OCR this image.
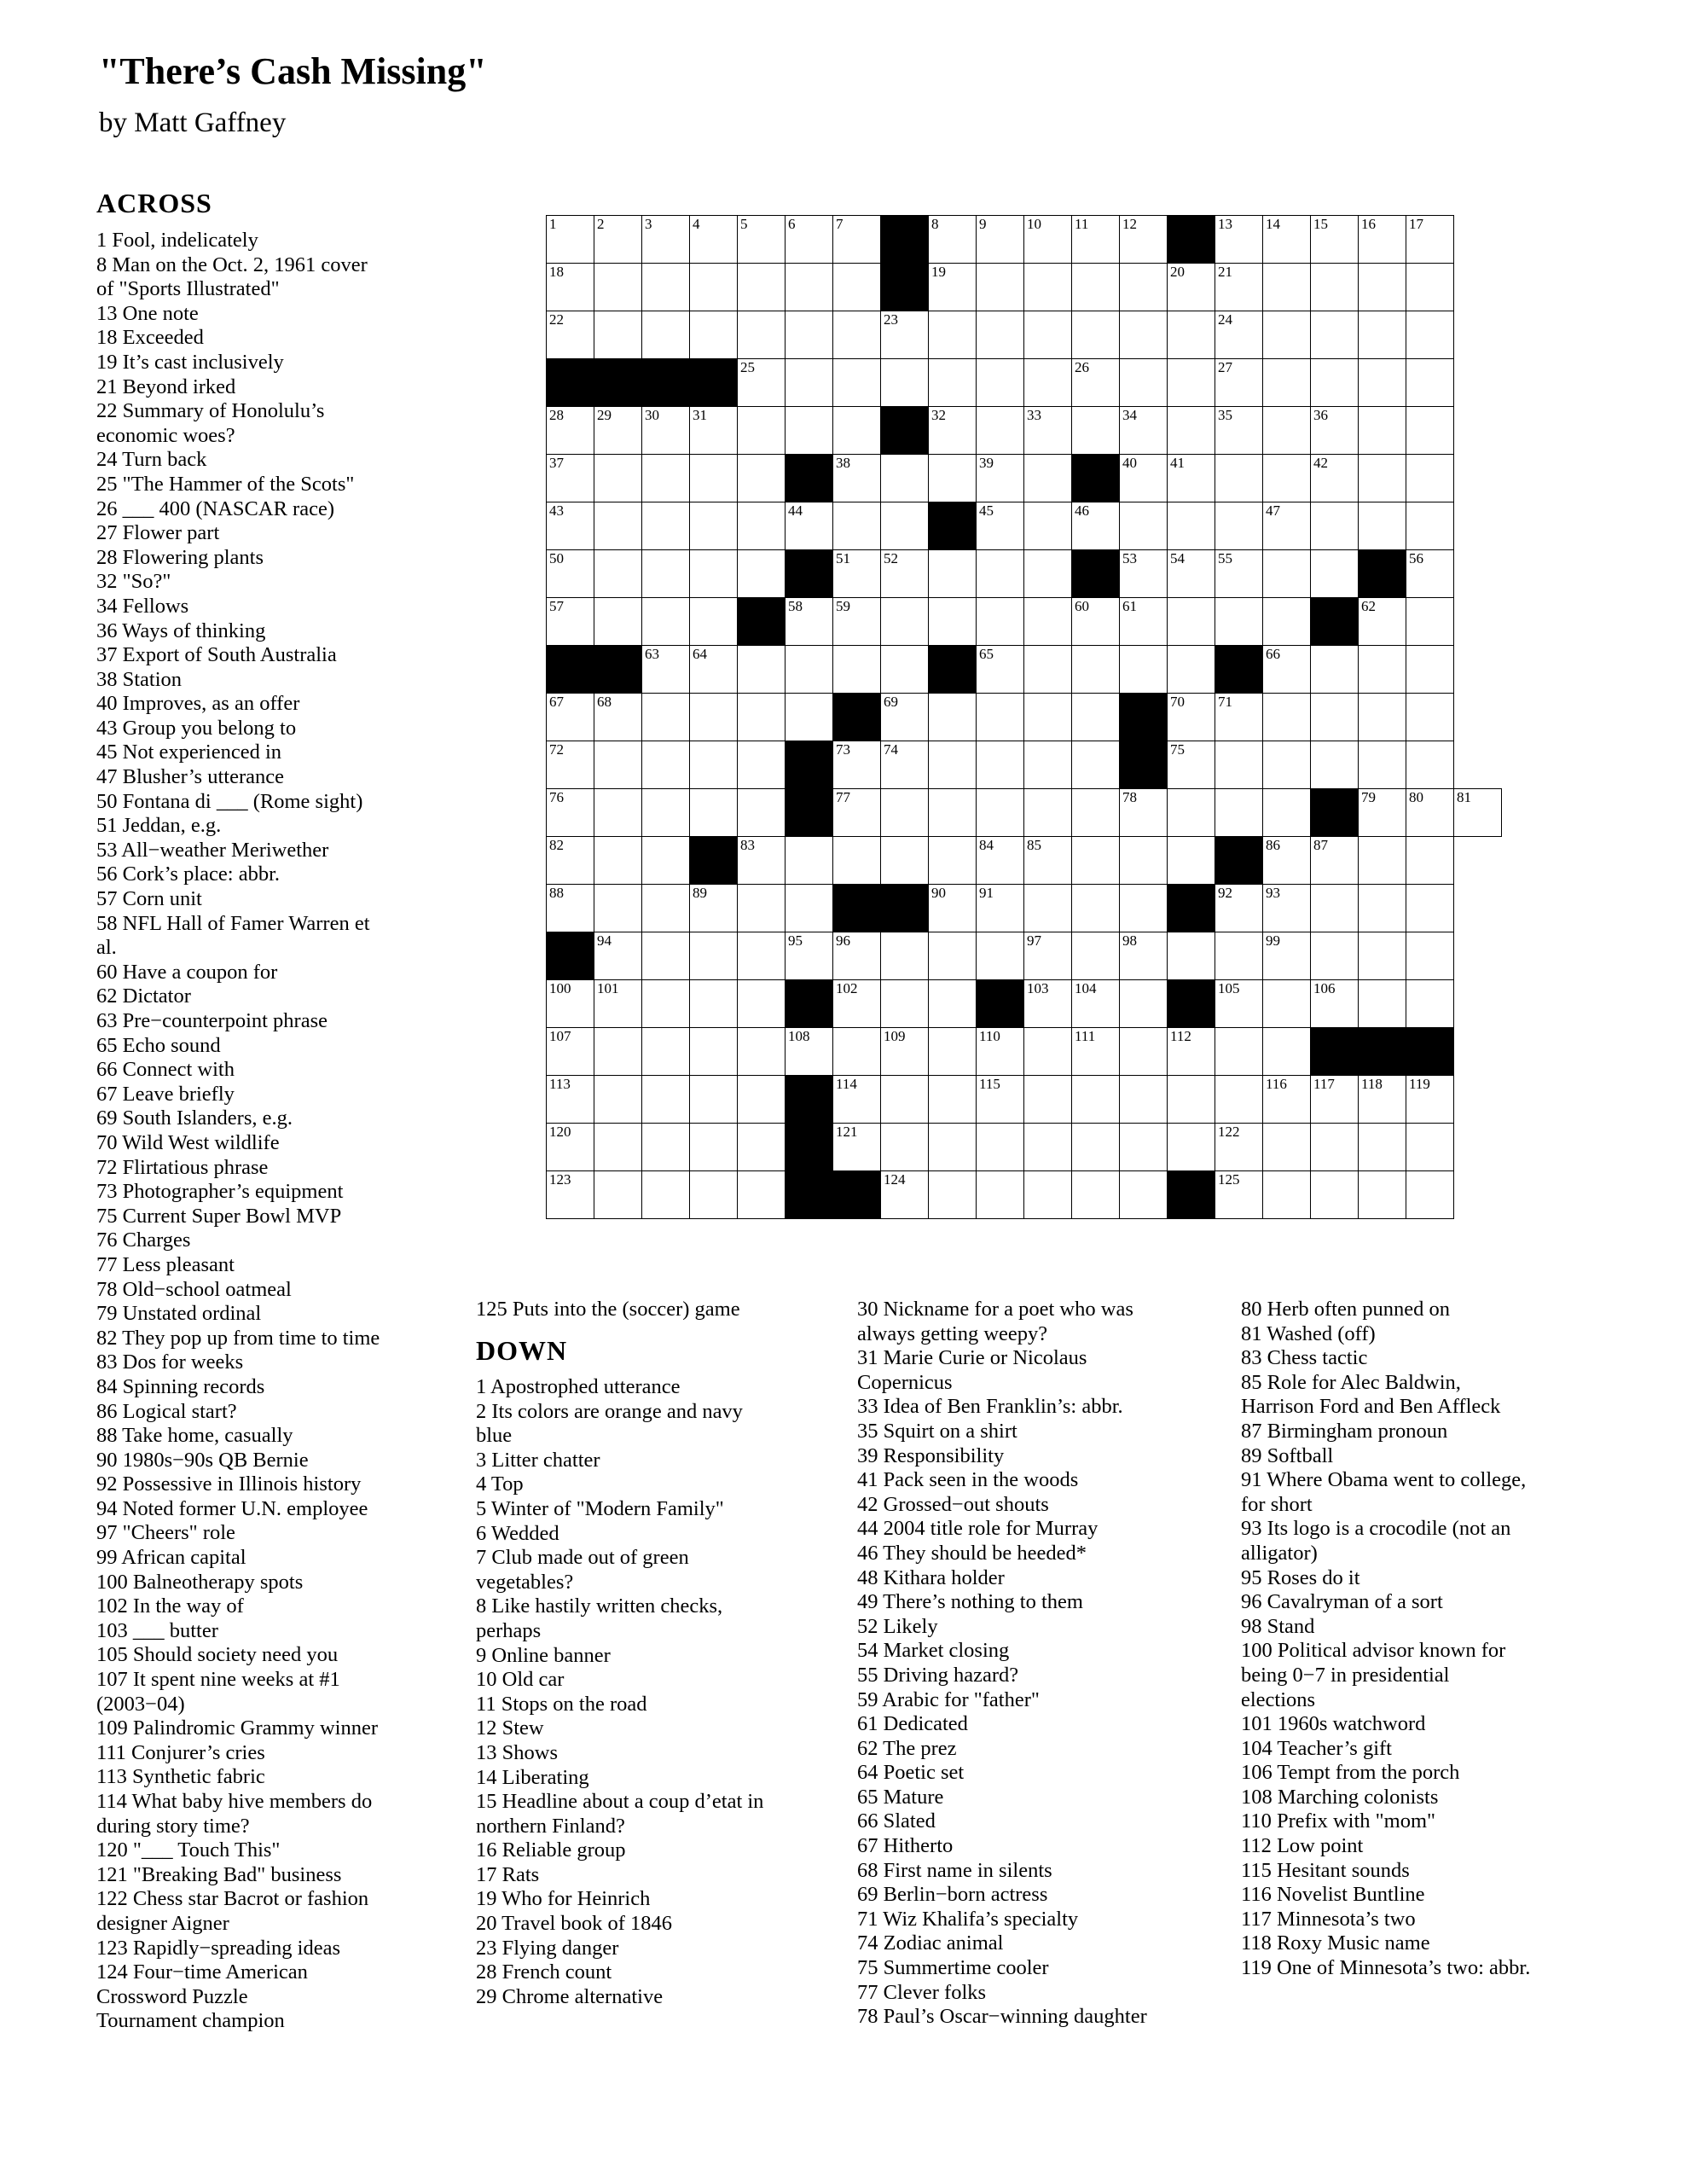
"There’s Cash Missing"
by Matt Gaffney
ACROSS
DOWN
1 Fool, indelicately
8 Man on the Oct. 2, 1961 cover
of "Sports Illustrated"
13 One note
18 Exceeded
19 It’s cast inclusively
21 Beyond irked
22 Summary of Honolulu’s
economic woes?
24 Turn back
25 "The Hammer of the Scots"
26 ___ 400 (NASCAR race)
27 Flower part
28 Flowering plants
32 "So?"
34 Fellows
36 Ways of thinking
37 Export of South Australia
38 Station
40 Improves, as an offer
43 Group you belong to
45 Not experienced in
47 Blusher’s utterance
50 Fontana di ___ (Rome sight)
51 Jeddan, e.g.
53 All−weather Meriwether
56 Cork’s place: abbr.
57 Corn unit
58 NFL Hall of Famer Warren et
al.
60 Have a coupon for
62 Dictator
63 Pre−counterpoint phrase
65 Echo sound
66 Connect with
67 Leave briefly
69 South Islanders, e.g.
70 Wild West wildlife
72 Flirtatious phrase
73 Photographer’s equipment
75 Current Super Bowl MVP
76 Charges
77 Less pleasant
78 Old−school oatmeal
79 Unstated ordinal
82 They pop up from time to time
83 Dos for weeks
84 Spinning records
86 Logical start?
88 Take home, casually
90 1980s−90s QB Bernie
92 Possessive in Illinois history
94 Noted former U.N. employee
97 "Cheers" role
99 African capital
100 Balneotherapy spots
102 In the way of
103 ___ butter
105 Should society need you
107 It spent nine weeks at #1
(2003−04)
109 Palindromic Grammy winner
111 Conjurer’s cries
113 Synthetic fabric
114 What baby hive members do
during story time?
120 "___ Touch This"
121 "Breaking Bad" business
122 Chess star Bacrot or fashion
designer Aigner
123 Rapidly−spreading ideas
124 Four−time American
Crossword Puzzle
Tournament champion
125 Puts into the (soccer) game
1 Apostrophed utterance
2 Its colors are orange and navy
blue
3 Litter chatter
4 Top
5 Winter of "Modern Family"
6 Wedded
7 Club made out of green
vegetables?
8 Like hastily written checks,
perhaps
9 Online banner
10 Old car
11 Stops on the road
12 Stew
13 Shows
14 Liberating
15 Headline about a coup d’etat in
northern Finland?
16 Reliable group
17 Rats
19 Who for Heinrich
20 Travel book of 1846
23 Flying danger
28 French count
29 Chrome alternative
30 Nickname for a poet who was
always getting weepy?
31 Marie Curie or Nicolaus
Copernicus
33 Idea of Ben Franklin’s: abbr.
35 Squirt on a shirt
39 Responsibility
41 Pack seen in the woods
42 Grossed−out shouts
44 2004 title role for Murray
46 They should be heeded*
48 Kithara holder
49 There’s nothing to them
52 Likely
54 Market closing
55 Driving hazard?
59 Arabic for "father"
61 Dedicated
62 The prez
64 Poetic set
65 Mature
66 Slated
67 Hitherto
68 First name in silents
69 Berlin−born actress
71 Wiz Khalifa’s specialty
74 Zodiac animal
75 Summertime cooler
77 Clever folks
78 Paul’s Oscar−winning daughter
80 Herb often punned on
81 Washed (off)
83 Chess tactic
85 Role for Alec Baldwin,
Harrison Ford and Ben Affleck
87 Birmingham pronoun
89 Softball
91 Where Obama went to college,
for short
93 Its logo is a crocodile (not an
alligator)
95 Roses do it
96 Cavalryman of a sort
98 Stand
100 Political advisor known for
being 0−7 in presidential
elections
101 1960s watchword
104 Teacher’s gift
106 Tempt from the porch
108 Marching colonists
110 Prefix with "mom"
112 Low point
115 Hesitant sounds
116 Novelist Buntline
117 Minnesota’s two
118 Roxy Music name
119 One of Minnesota’s two: abbr.
1	2	3	4	5	6	7		8	9	10	11	12		13	14	15	16	17	

18								19					20	21					

22							23							24					

				25							26			27					

28	29	30	31					32		33		34		35		36			

37						38			39			40	41			42			

43					44				45		46				47				

50						51	52					53	54	55				56	

57					58	59					60	61					62		

		63	64						65						66				

67	68						69						70	71					

72						73	74						75						

76						77						78					79	80	81

82				83					84	85					86	87			

88			89					90	91					92	93				

	94				95	96				97		98			99				

100	101					102				103	104			105		106			

107					108		109		110		111		112						

113						114			115						116	117	118	119	

120						121								122					

123							124							125					
